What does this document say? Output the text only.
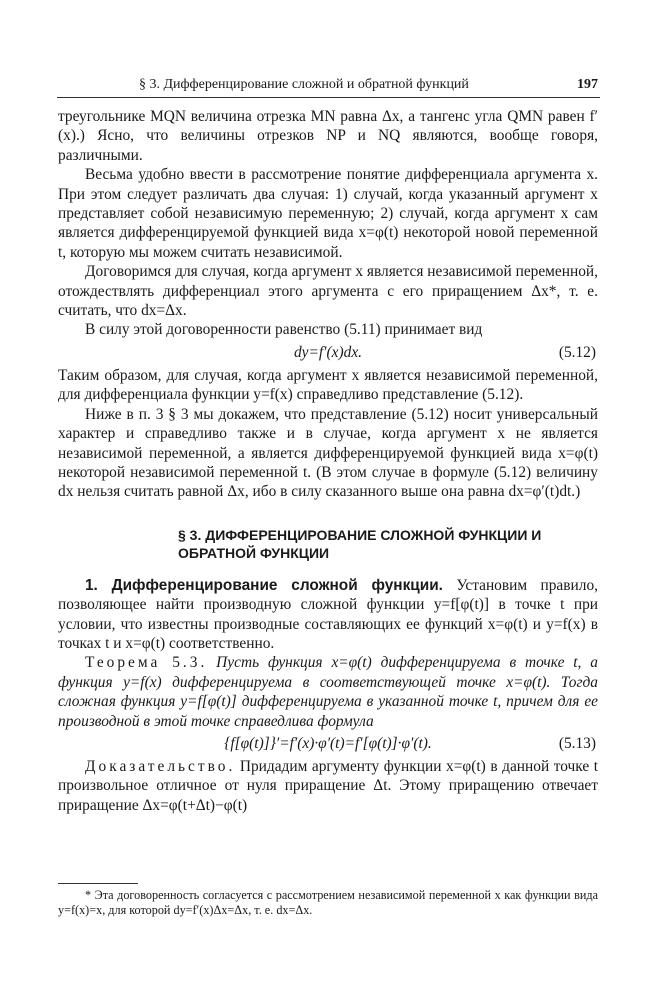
§ 3. Дифференцирование сложной и обратной функций	197

треугольнике MQN величина отрезка MN равна Δx, а тангенс угла QMN равен f′(x).) Ясно, что величины отрезков NP и NQ являются, вообще говоря, различными.

Весьма удобно ввести в рассмотрение понятие дифференциала аргумента x. При этом следует различать два случая: 1) случай, когда указанный аргумент x представляет собой независимую переменную; 2) случай, когда аргумент x сам является дифференцируемой функцией вида x=φ(t) некоторой новой переменной t, которую мы можем считать независимой.

Договоримся для случая, когда аргумент x является независимой переменной, отождествлять дифференциал этого аргумента с его приращением Δx*, т. е. считать, что dx=Δx.

В силу этой договоренности равенство (5.11) принимает вид

dy=f′(x)dx.	(5.12)

Таким образом, для случая, когда аргумент x является независимой переменной, для дифференциала функции y=f(x) справедливо представление (5.12).

Ниже в п. 3 § 3 мы докажем, что представление (5.12) носит универсальный характер и справедливо также и в случае, когда аргумент x не является независимой переменной, а является дифференцируемой функцией вида x=φ(t) некоторой независимой переменной t. (В этом случае в формуле (5.12) величину dx нельзя считать равной Δx, ибо в силу сказанного выше она равна dx=φ′(t)dt.)

§ 3. ДИФФЕРЕНЦИРОВАНИЕ СЛОЖНОЙ ФУНКЦИИ И ОБРАТНОЙ ФУНКЦИИ

1. Дифференцирование сложной функции. Установим правило, позволяющее найти производную сложной функции y=f[φ(t)] в точке t при условии, что известны производные составляющих ее функций x=φ(t) и y=f(x) в точках t и x=φ(t) соответственно.

Теорема 5.3. Пусть функция x=φ(t) дифференцируема в точке t, а функция y=f(x) дифференцируема в соответствующей точке x=φ(t). Тогда сложная функция y=f[φ(t)] дифференцируема в указанной точке t, причем для ее производной в этой точке справедлива формула

{f[φ(t)]}′=f′(x)·φ′(t)=f′[φ(t)]·φ′(t).	(5.13)

Доказательство. Придадим аргументу функции x=φ(t) в данной точке t произвольное отличное от нуля приращение Δt. Этому приращению отвечает приращение Δx=φ(t+Δt)−φ(t)

* Эта договоренность согласуется с рассмотрением независимой переменной x как функции вида y=f(x)=x, для которой dy=f′(x)Δx=Δx, т. е. dx=Δx.
